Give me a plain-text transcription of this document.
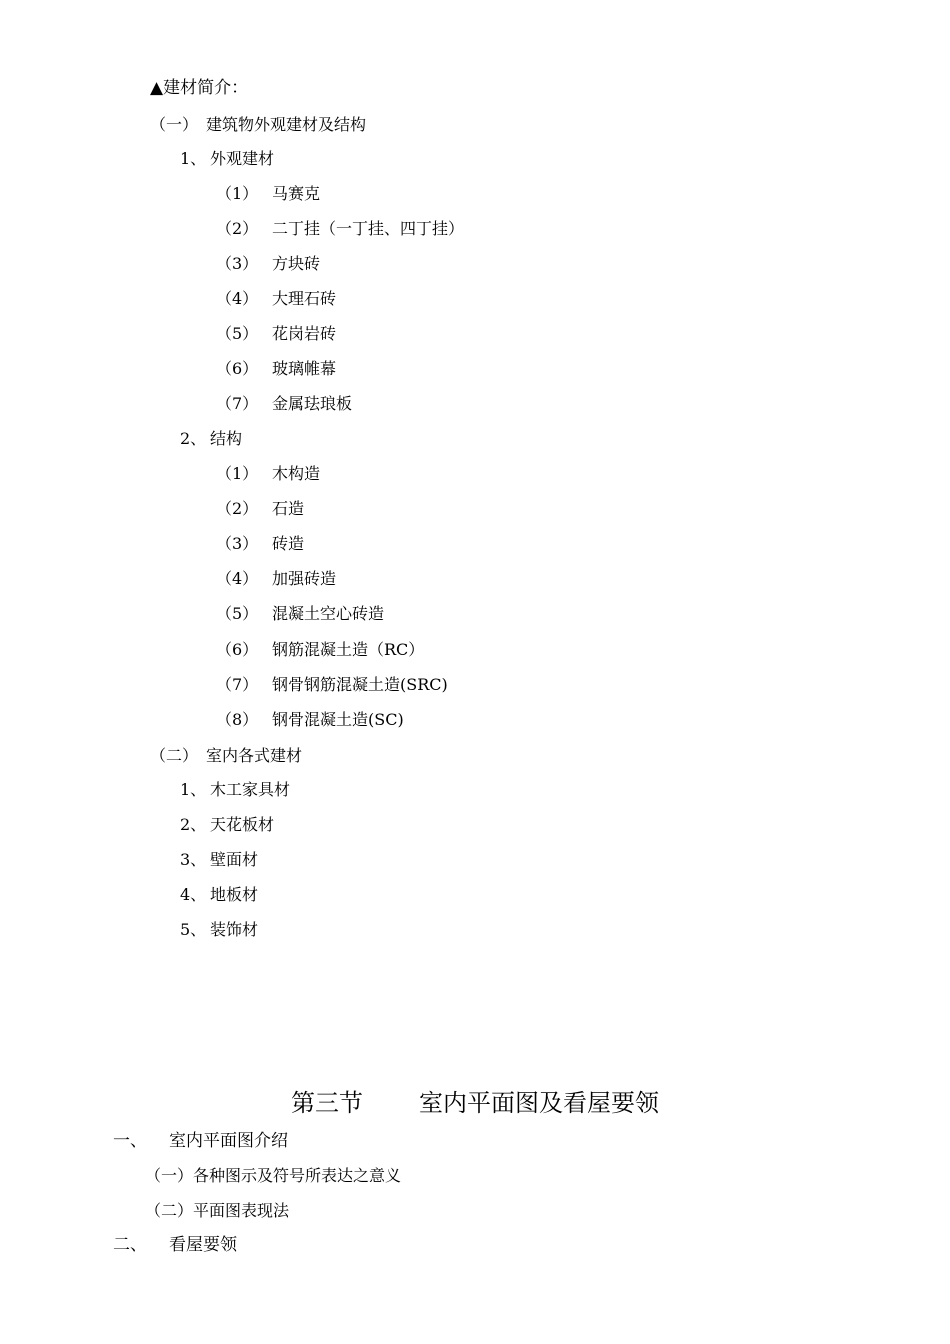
▲建材简介：
（一） 建筑物外观建材及结构
1、 外观建材
（1） 马赛克
（2） 二丁挂（一丁挂、四丁挂）
（3） 方块砖
（4） 大理石砖
（5） 花岗岩砖
（6） 玻璃帷幕
（7） 金属珐琅板
2、 结构
（1） 木构造
（2） 石造
（3） 砖造
（4） 加强砖造
（5） 混凝土空心砖造
（6） 钢筋混凝土造（RC）
（7） 钢骨钢筋混凝土造(SRC)
（8） 钢骨混凝土造(SC)
（二） 室内各式建材
1、 木工家具材
2、 天花板材
3、 壁面材
4、 地板材
5、 装饰材
第三节 室内平面图及看屋要领
一、 室内平面图介绍
（一）各种图示及符号所表达之意义
（二）平面图表现法
二、 看屋要领
